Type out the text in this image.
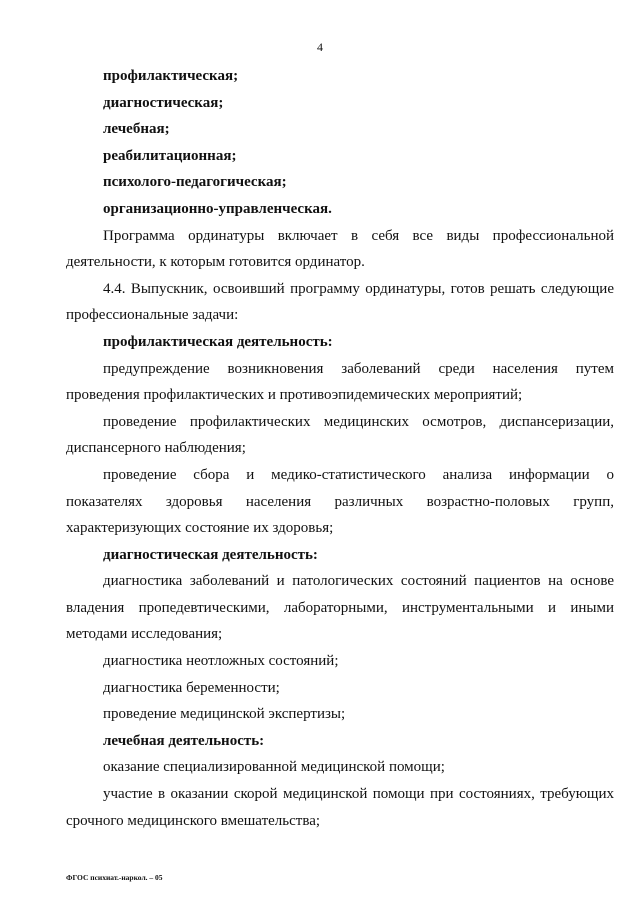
4
профилактическая;
диагностическая;
лечебная;
реабилитационная;
психолого-педагогическая;
организационно-управленческая.
Программа ординатуры включает в себя все виды профессиональной
деятельности, к которым готовится ординатор.
4.4. Выпускник, освоивший программу ординатуры, готов решать следующие
профессиональные задачи:
профилактическая деятельность:
предупреждение возникновения заболеваний среди населения путем
проведения профилактических и противоэпидемических мероприятий;
проведение профилактических медицинских осмотров, диспансеризации,
диспансерного наблюдения;
проведение сбора и медико-статистического анализа информации о
показателях здоровья населения различных возрастно-половых групп,
характеризующих состояние их здоровья;
диагностическая деятельность:
диагностика заболеваний и патологических состояний пациентов на основе
владения пропедевтическими, лабораторными, инструментальными и иными
методами исследования;
диагностика неотложных состояний;
диагностика беременности;
проведение медицинской экспертизы;
лечебная деятельность:
оказание специализированной медицинской помощи;
участие в оказании скорой медицинской помощи при состояниях, требующих
срочного медицинского вмешательства;
ФГОС психиат.-наркол. – 05
